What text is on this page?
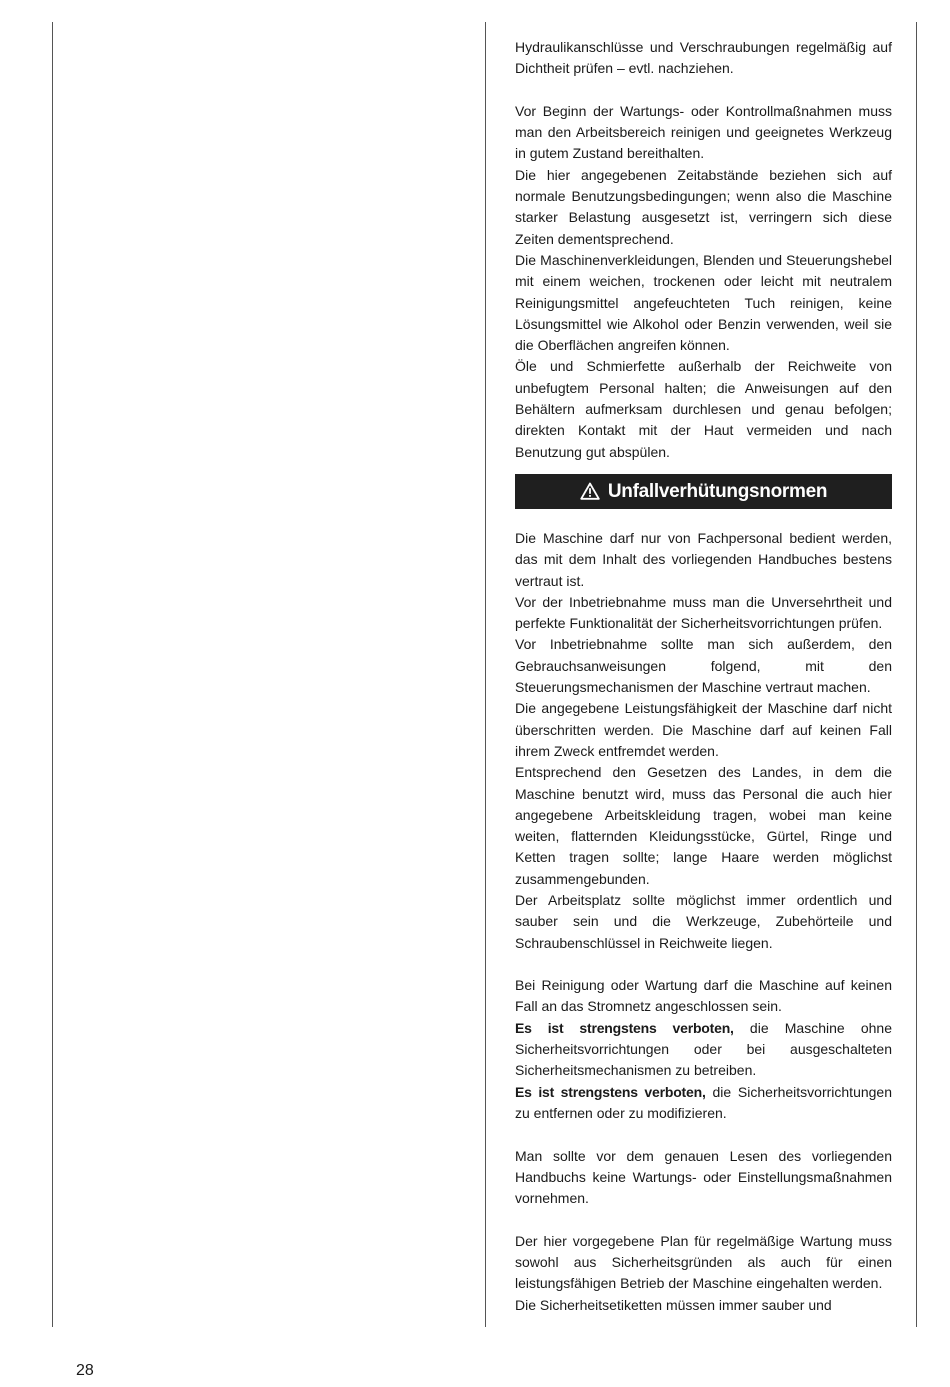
Hydraulikanschlüsse und Verschraubungen regelmäßig auf Dichtheit prüfen – evtl. nachziehen.

Vor Beginn der Wartungs- oder Kontrollmaßnahmen muss man den Arbeitsbereich reinigen und geeignetes Werkzeug in gutem Zustand bereithalten.

Die hier angegebenen Zeitabstände beziehen sich auf normale Benutzungsbedingungen; wenn also die Maschine starker Belastung ausgesetzt ist, verringern sich diese Zeiten dementsprechend.

Die Maschinenverkleidungen, Blenden und Steuerungshebel mit einem weichen, trockenen oder leicht mit neutralem Reinigungsmittel angefeuchteten Tuch reinigen, keine Lösungsmittel wie Alkohol oder Benzin verwenden, weil sie die Oberflächen angreifen können.

Öle und Schmierfette außerhalb der Reichweite von unbefugtem Personal halten; die Anweisungen auf den Behältern aufmerksam durchlesen und genau befolgen; direkten Kontakt mit der Haut vermeiden und nach Benutzung gut abspülen.

Unfallverhütungsnormen

Die Maschine darf nur von Fachpersonal bedient werden, das mit dem Inhalt des vorliegenden Handbuches bestens vertraut ist.

Vor der Inbetriebnahme muss man die Unversehrtheit und perfekte Funktionalität der Sicherheitsvorrichtungen prüfen.

Vor Inbetriebnahme sollte man sich außerdem, den Gebrauchsanweisungen folgend, mit den Steuerungsmechanismen der Maschine vertraut machen.

Die angegebene Leistungsfähigkeit der Maschine darf nicht überschritten werden. Die Maschine darf auf keinen Fall ihrem Zweck entfremdet werden.

Entsprechend den Gesetzen des Landes, in dem die Maschine benutzt wird, muss das Personal die auch hier angegebene Arbeitskleidung tragen, wobei man keine weiten, flatternden Kleidungsstücke, Gürtel, Ringe und Ketten tragen sollte; lange Haare werden möglichst zusammengebunden.

Der Arbeitsplatz sollte möglichst immer ordentlich und sauber sein und die Werkzeuge, Zubehörteile und Schraubenschlüssel in Reichweite liegen.

Bei Reinigung oder Wartung darf die Maschine auf keinen Fall an das Stromnetz angeschlossen sein.

Es ist strengstens verboten, die Maschine ohne Sicherheitsvorrichtungen oder bei ausgeschalteten Sicherheitsmechanismen zu betreiben.

Es ist strengstens verboten, die Sicherheitsvorrichtungen zu entfernen oder zu modifizieren.

Man sollte vor dem genauen Lesen des vorliegenden Handbuchs keine Wartungs- oder Einstellungsmaßnahmen vornehmen.

Der hier vorgegebene Plan für regelmäßige Wartung muss sowohl aus Sicherheitsgründen als auch für einen leistungsfähigen Betrieb der Maschine eingehalten werden.

Die Sicherheitsetiketten müssen immer sauber und

28
